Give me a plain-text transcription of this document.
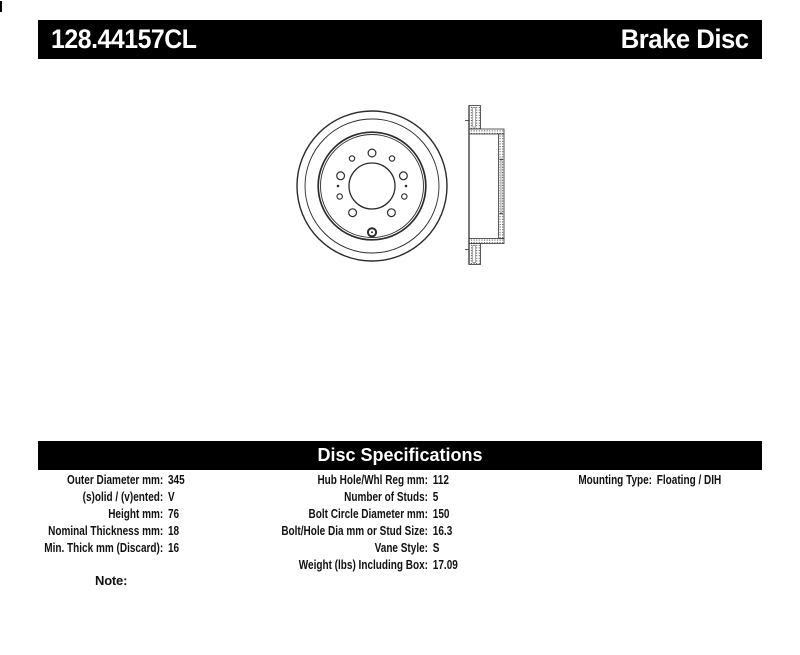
128.44157CL	Brake Disc
Disc Specifications
Outer Diameter mm: 345
(s)olid / (v)ented: V
Height mm: 76
Nominal Thickness mm: 18
Min. Thick mm (Discard): 16
Hub Hole/Whl Reg mm: 112
Number of Studs: 5
Bolt Circle Diameter mm: 150
Bolt/Hole Dia mm or Stud Size: 16.3
Vane Style: S
Weight (lbs) Including Box: 17.09
Mounting Type: Floating / DIH
Note:
